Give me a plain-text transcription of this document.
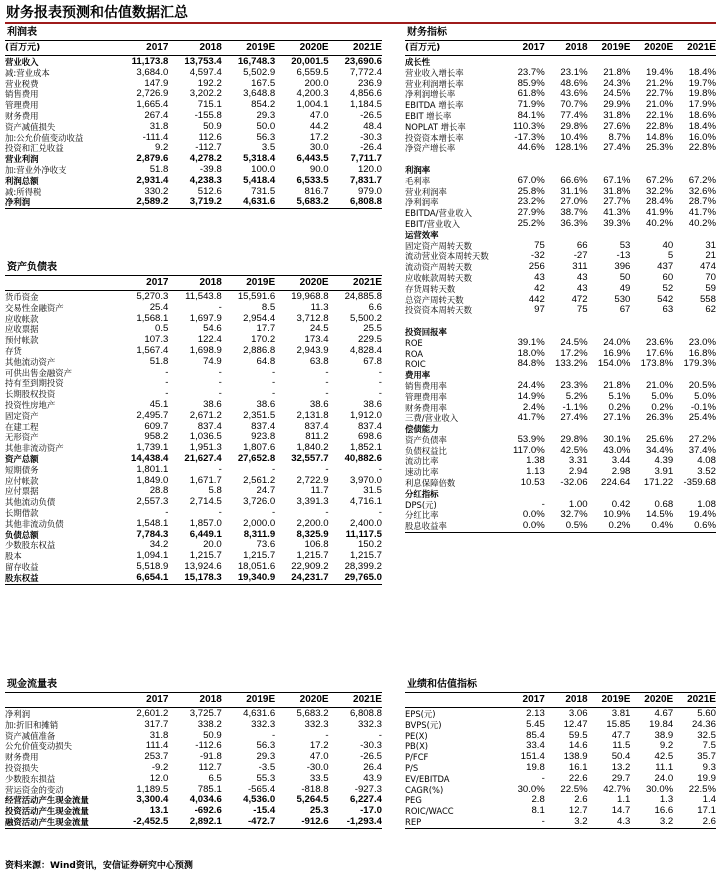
财务报表预测和估值数据汇总
利润表
(百万元)	2017	2018	2019E	2020E	2021E
营业收入	11,173.8	13,753.4	16,748.3	20,001.5	23,690.6
减:营业成本	3,684.0	4,597.4	5,502.9	6,559.5	7,772.4
营业税费	147.9	192.2	167.5	200.0	236.9
销售费用	2,726.9	3,202.2	3,648.8	4,200.3	4,856.6
管理费用	1,665.4	715.1	854.2	1,004.1	1,184.5
财务费用	267.4	-155.8	29.3	47.0	-26.5
资产减值损失	31.8	50.9	50.0	44.2	48.4
加:公允价值变动收益	-111.4	112.6	56.3	17.2	-30.3
投资和汇兑收益	9.2	-112.7	3.5	30.0	-26.4
营业利润	2,879.6	4,278.2	5,318.4	6,443.5	7,711.7
加:营业外净收支	51.8	-39.8	100.0	90.0	120.0
利润总额	2,931.4	4,238.3	5,418.4	6,533.5	7,831.7
减:所得税	330.2	512.6	731.5	816.7	979.0
净利润	2,589.2	3,719.2	4,631.6	5,683.2	6,808.8
资产负债表
2017	2018	2019E	2020E	2021E
货币资金	5,270.3	11,543.8	15,591.6	19,968.8	24,885.8
交易性金融资产	25.4	-	8.5	11.3	6.6
应收帐款	1,568.1	1,697.9	2,954.4	3,712.8	5,500.2
应收票据	0.5	54.6	17.7	24.5	25.5
预付帐款	107.3	122.4	170.2	173.4	229.5
存货	1,567.4	1,698.9	2,886.8	2,943.9	4,828.4
其他流动资产	51.8	74.9	64.8	63.8	67.8
可供出售金融资产	-	-	-	-	-
持有至到期投资	-	-	-	-	-
长期股权投资	-	-	-	-	-
投资性房地产	45.1	38.6	38.6	38.6	38.6
固定资产	2,495.7	2,671.2	2,351.5	2,131.8	1,912.0
在建工程	609.7	837.4	837.4	837.4	837.4
无形资产	958.2	1,036.5	923.8	811.2	698.6
其他非流动资产	1,739.1	1,951.3	1,807.6	1,840.2	1,852.1
资产总额	14,438.4	21,627.4	27,652.8	32,557.7	40,882.6
短期债务	1,801.1	-	-	-	-
应付帐款	1,849.0	1,671.7	2,561.2	2,722.9	3,970.0
应付票据	28.8	5.8	24.7	11.7	31.5
其他流动负债	2,557.3	2,714.5	3,726.0	3,391.3	4,716.1
长期借款	-	-	-	-	-
其他非流动负债	1,548.1	1,857.0	2,000.0	2,200.0	2,400.0
负债总额	7,784.3	6,449.1	8,311.9	8,325.9	11,117.5
少数股东权益	34.2	20.0	73.6	106.8	150.2
股本	1,094.1	1,215.7	1,215.7	1,215.7	1,215.7
留存收益	5,518.9	13,924.6	18,051.6	22,909.2	28,399.2
股东权益	6,654.1	15,178.3	19,340.9	24,231.7	29,765.0
现金流量表
2017	2018	2019E	2020E	2021E
净利润	2,601.2	3,725.7	4,631.6	5,683.2	6,808.8
加:折旧和摊销	317.7	338.2	332.3	332.3	332.3
资产减值准备	31.8	50.9	-	-	-
公允价值变动损失	111.4	-112.6	56.3	17.2	-30.3
财务费用	253.7	-91.8	29.3	47.0	-26.5
投资损失	-9.2	112.7	-3.5	-30.0	26.4
少数股东损益	12.0	6.5	55.3	33.5	43.9
营运资金的变动	1,189.5	785.1	-565.4	-818.8	-927.3
经营活动产生现金流量	3,300.4	4,034.6	4,536.0	5,264.5	6,227.4
投资活动产生现金流量	13.1	-692.6	-15.4	25.3	-17.0
融资活动产生现金流量	-2,452.5	2,892.1	-472.7	-912.6	-1,293.4
财务指标
(百万元)	2017	2018	2019E	2020E	2021E
成长性
营业收入增长率	23.7%	23.1%	21.8%	19.4%	18.4%
营业利润增长率	85.9%	48.6%	24.3%	21.2%	19.7%
净利润增长率	61.8%	43.6%	24.5%	22.7%	19.8%
EBITDA 增长率	71.9%	70.7%	29.9%	21.0%	17.9%
EBIT 增长率	84.1%	77.4%	31.8%	22.1%	18.6%
NOPLAT 增长率	110.3%	29.8%	27.6%	22.8%	18.4%
投资资本增长率	-17.3%	10.4%	8.7%	14.8%	16.0%
净资产增长率	44.6%	128.1%	27.4%	25.3%	22.8%
利润率
毛利率	67.0%	66.6%	67.1%	67.2%	67.2%
营业利润率	25.8%	31.1%	31.8%	32.2%	32.6%
净利润率	23.2%	27.0%	27.7%	28.4%	28.7%
EBITDA/营业收入	27.9%	38.7%	41.3%	41.9%	41.7%
EBIT/营业收入	25.2%	36.3%	39.3%	40.2%	40.2%
运营效率
固定资产周转天数	75	66	53	40	31
流动营业资本周转天数	-32	-27	-13	5	21
流动资产周转天数	256	311	396	437	474
应收帐款周转天数	43	43	50	60	70
存货周转天数	42	43	49	52	59
总资产周转天数	442	472	530	542	558
投资资本周转天数	97	75	67	63	62
投资回报率
ROE	39.1%	24.5%	24.0%	23.6%	23.0%
ROA	18.0%	17.2%	16.9%	17.6%	16.8%
ROIC	84.8%	133.2%	154.0%	173.8%	179.3%
费用率
销售费用率	24.4%	23.3%	21.8%	21.0%	20.5%
管理费用率	14.9%	5.2%	5.1%	5.0%	5.0%
财务费用率	2.4%	-1.1%	0.2%	0.2%	-0.1%
三费/营业收入	41.7%	27.4%	27.1%	26.3%	25.4%
偿债能力
资产负债率	53.9%	29.8%	30.1%	25.6%	27.2%
负债权益比	117.0%	42.5%	43.0%	34.4%	37.4%
流动比率	1.38	3.31	3.44	4.39	4.08
速动比率	1.13	2.94	2.98	3.91	3.52
利息保障倍数	10.53	-32.06	224.64	171.22	-359.68
分红指标
DPS(元)	-	1.00	0.42	0.68	1.08
分红比率	0.0%	32.7%	10.9%	14.5%	19.4%
股息收益率	0.0%	0.5%	0.2%	0.4%	0.6%
业绩和估值指标
2017	2018	2019E	2020E	2021E
EPS(元)	2.13	3.06	3.81	4.67	5.60
BVPS(元)	5.45	12.47	15.85	19.84	24.36
PE(X)	85.4	59.5	47.7	38.9	32.5
PB(X)	33.4	14.6	11.5	9.2	7.5
P/FCF	151.4	138.9	50.4	42.5	35.7
P/S	19.8	16.1	13.2	11.1	9.3
EV/EBITDA	-	22.6	29.7	24.0	19.9
CAGR(%)	30.0%	22.5%	42.7%	30.0%	22.5%
PEG	2.8	2.6	1.1	1.3	1.4
ROIC/WACC	8.1	12.7	14.7	16.6	17.1
REP	-	3.2	4.3	3.2	2.6
资料来源：Wind资讯，安信证券研究中心预测
